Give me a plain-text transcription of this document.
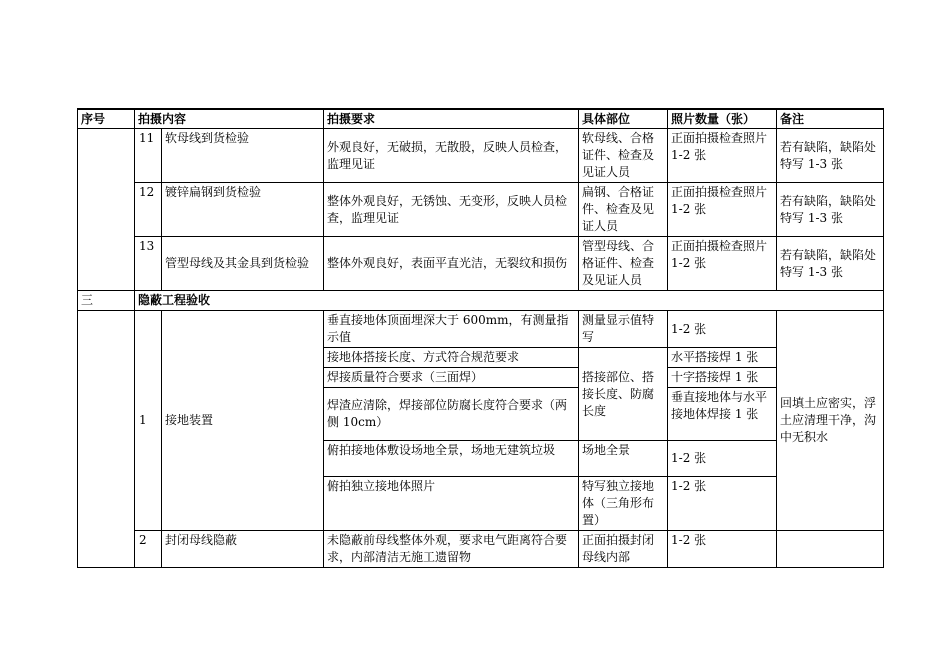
序号	拍摄内容		拍摄要求	具体部位	照片数量（张）	备注
	11	软母线到货检验	外观良好，无破损，无散股，反映人员检查，监理见证	软母线、合格证件、检查及见证人员	正面拍摄检查照片 1-2 张	若有缺陷，缺陷处特写 1-3 张
	12	镀锌扁钢到货检验	整体外观良好，无锈蚀、无变形，反映人员检查，监理见证	扁钢、合格证件、检查及见证人员	正面拍摄检查照片 1-2 张	若有缺陷，缺陷处特写 1-3 张
	13	管型母线及其金具到货检验	整体外观良好，表面平直光洁，无裂纹和损伤	管型母线、合格证件、检查及见证人员	正面拍摄检查照片 1-2 张	若有缺陷，缺陷处特写 1-3 张
三	隐蔽工程验收					
	1	接地装置	垂直接地体顶面埋深大于 600mm，有测量指示值	测量显示值特写	1-2 张	回填土应密实，浮土应清理干净，沟中无积水
			接地体搭接长度、方式符合规范要求	搭接部位、搭接长度、防腐长度	水平搭接焊 1 张	
			焊接质量符合要求（三面焊）		十字搭接焊 1 张	
			焊渣应清除，焊接部位防腐长度符合要求（两侧 10cm）		垂直接地体与水平接地体焊接 1 张	
			俯拍接地体敷设场地全景，场地无建筑垃圾	场地全景	1-2 张	
			俯拍独立接地体照片	特写独立接地体（三角形布置）	1-2 张	

	2	封闭母线隐蔽	未隐蔽前母线整体外观，要求电气距离符合要求，内部清洁无施工遗留物	正面拍摄封闭母线内部	1-2 张	
